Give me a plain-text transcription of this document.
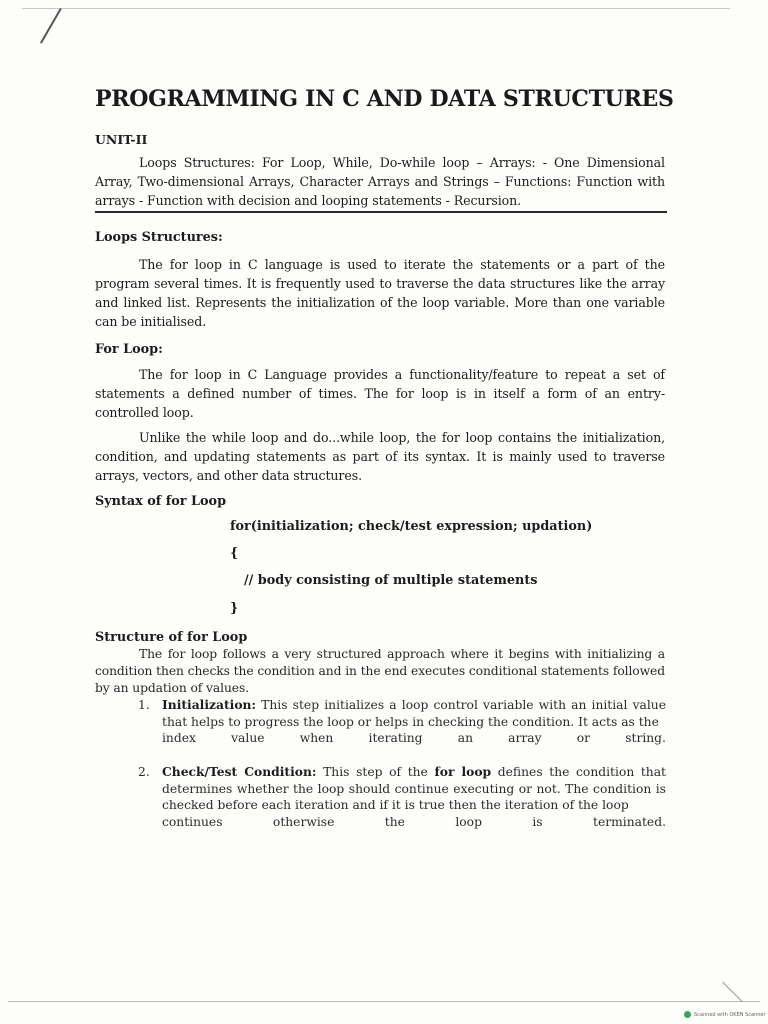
PROGRAMMING IN C AND DATA STRUCTURES
UNIT-II
Loops Structures: For Loop, While, Do-while loop – Arrays: - One Dimensional Array, Two-dimensional Arrays, Character Arrays and Strings – Functions: Function with arrays - Function with decision and looping statements - Recursion.
Loops Structures:
The for loop in C language is used to iterate the statements or a part of the program several times. It is frequently used to traverse the data structures like the array and linked list. Represents the initialization of the loop variable. More than one variable can be initialised.
For Loop:
The for loop in C Language provides a functionality/feature to repeat a set of statements a defined number of times. The for loop is in itself a form of an entry-controlled loop.
Unlike the while loop and do...while loop, the for loop contains the initialization, condition, and updating statements as part of its syntax. It is mainly used to traverse arrays, vectors, and other data structures.
Syntax of for Loop
for(initialization; check/test expression; updation)
{
// body consisting of multiple statements
}
Structure of for Loop
The for loop follows a very structured approach where it begins with initializing a condition then checks the condition and in the end executes conditional statements followed by an updation of values.
1. Initialization: This step initializes a loop control variable with an initial value that helps to progress the loop or helps in checking the condition. It acts as the
index	value	when	iterating	an	array	or	string.
2. Check/Test Condition: This step of the for loop defines the condition that determines whether the loop should continue executing or not. The condition is checked before each iteration and if it is true then the iteration of the loop
continues	otherwise	the	loop	is	terminated.
Scanned with OKEN Scanner
